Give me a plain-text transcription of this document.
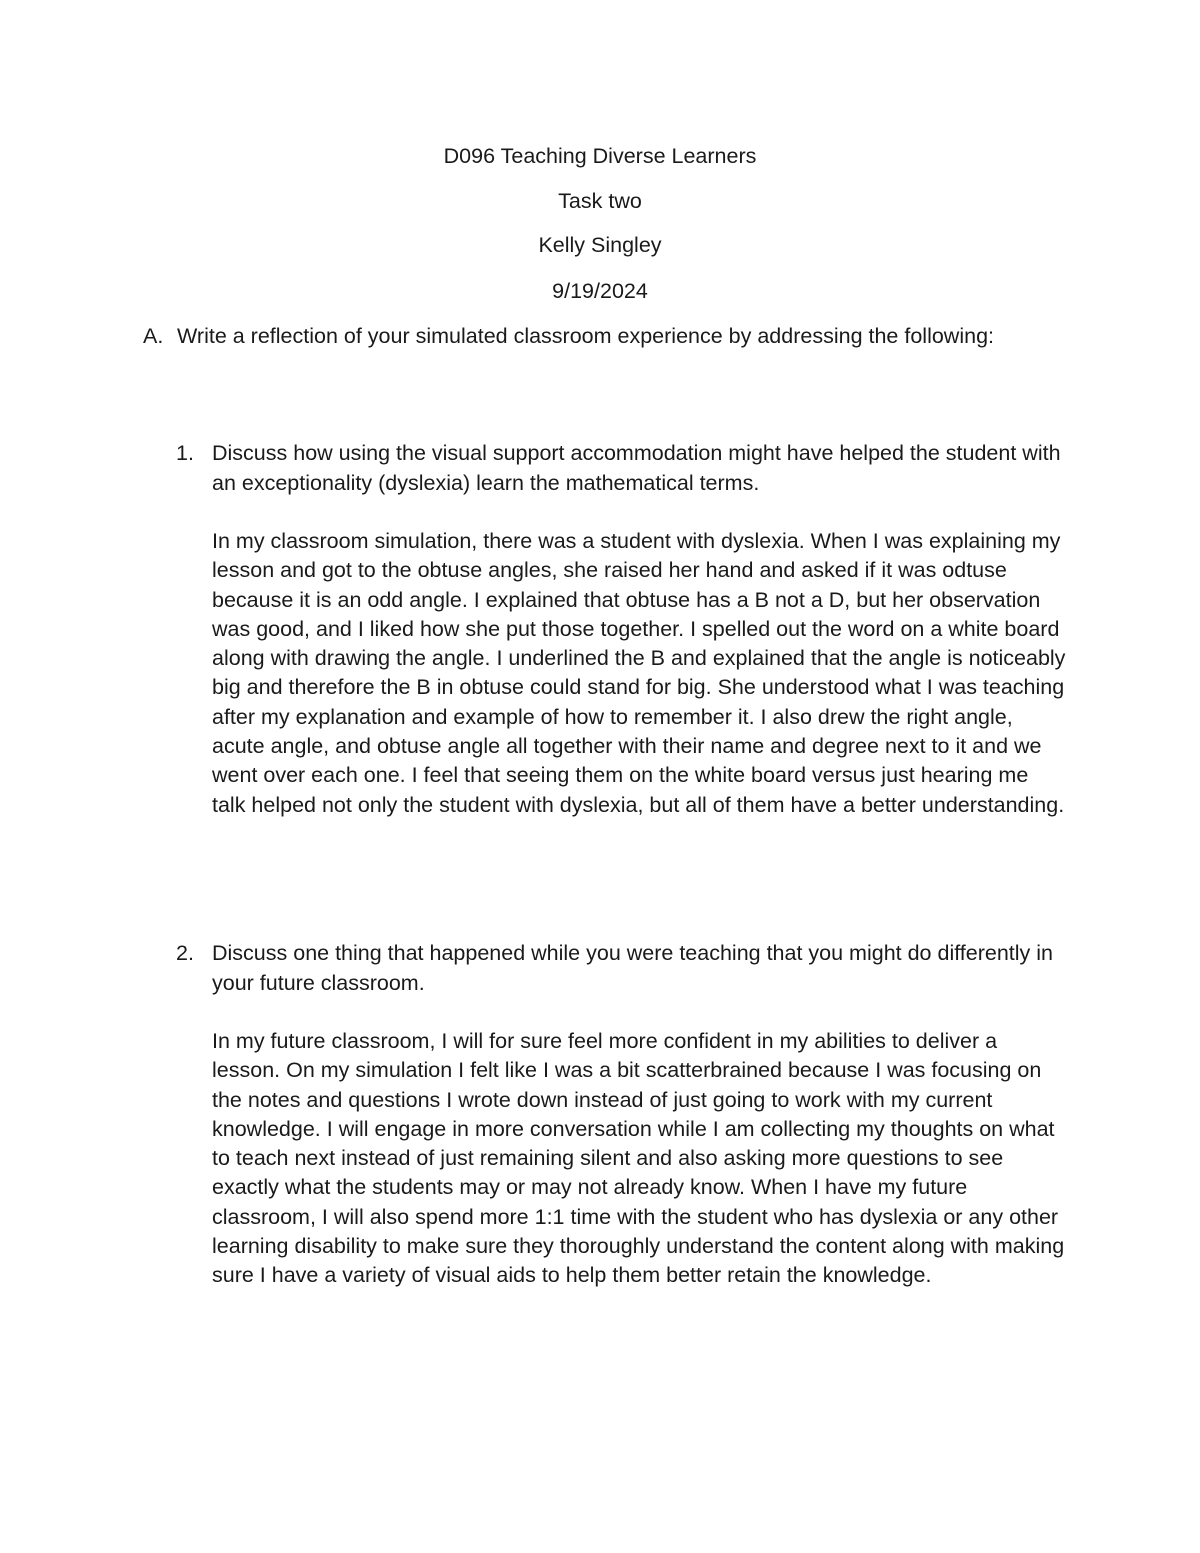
D096 Teaching Diverse Learners
Task two
Kelly Singley
9/19/2024
A. Write a reflection of your simulated classroom experience by addressing the following:
1. Discuss how using the visual support accommodation might have helped the student with an exceptionality (dyslexia) learn the mathematical terms.
In my classroom simulation, there was a student with dyslexia. When I was explaining my lesson and got to the obtuse angles, she raised her hand and asked if it was odtuse because it is an odd angle. I explained that obtuse has a B not a D, but her observation was good, and I liked how she put those together. I spelled out the word on a white board along with drawing the angle. I underlined the B and explained that the angle is noticeably big and therefore the B in obtuse could stand for big. She understood what I was teaching after my explanation and example of how to remember it. I also drew the right angle, acute angle, and obtuse angle all together with their name and degree next to it and we went over each one. I feel that seeing them on the white board versus just hearing me talk helped not only the student with dyslexia, but all of them have a better understanding.
2. Discuss one thing that happened while you were teaching that you might do differently in your future classroom.
In my future classroom, I will for sure feel more confident in my abilities to deliver a lesson. On my simulation I felt like I was a bit scatterbrained because I was focusing on the notes and questions I wrote down instead of just going to work with my current knowledge. I will engage in more conversation while I am collecting my thoughts on what to teach next instead of just remaining silent and also asking more questions to see exactly what the students may or may not already know. When I have my future classroom, I will also spend more 1:1 time with the student who has dyslexia or any other learning disability to make sure they thoroughly understand the content along with making sure I have a variety of visual aids to help them better retain the knowledge.
